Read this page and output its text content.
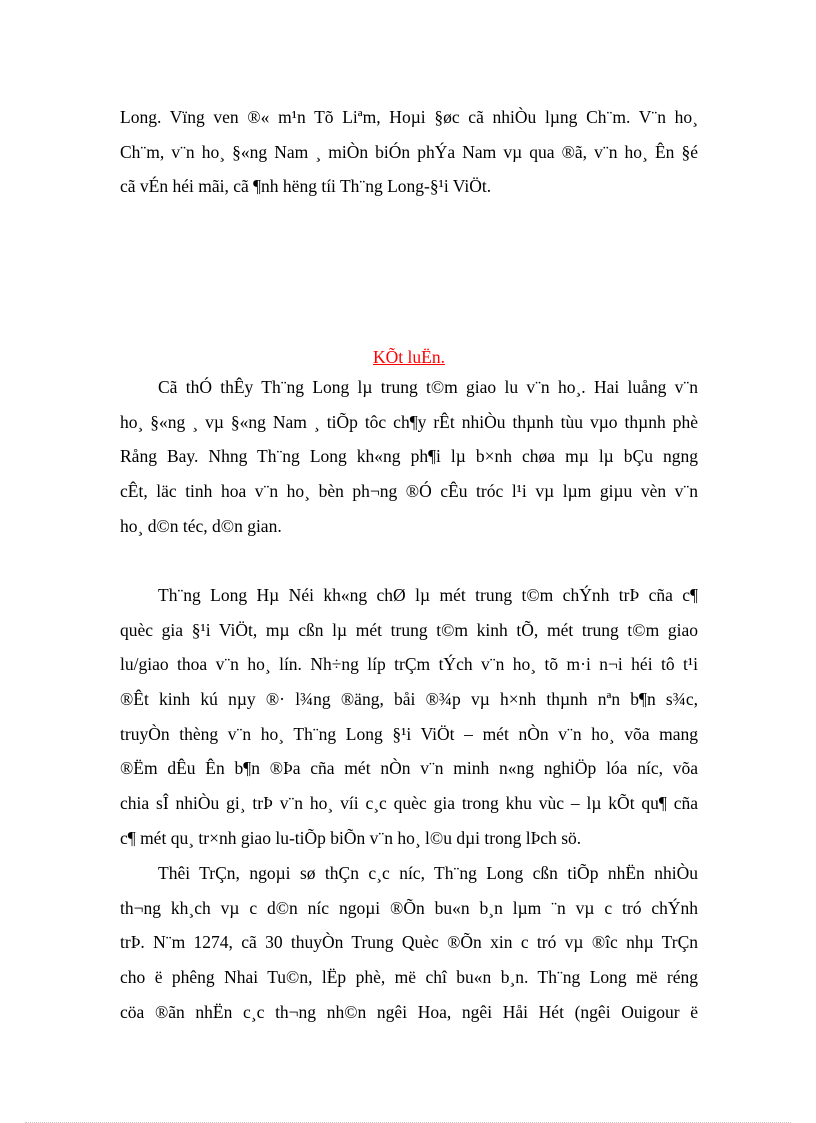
Long. Vïng ven ®« m¹n Tõ Liªm, Hoµi §øc cã nhiÒu lµng Ch¨m. V¨n ho¸
Ch¨m, v¨n ho¸ §«ng Nam ¸ miÒn biÓn phÝa Nam vµ qua ®ã, v¨n ho¸ Ên §é
cã vÉn héi mãi, cã ¶nh hëng tíi Th¨ng Long-§¹i ViÖt.
KÕt luËn.
Cã thÓ thÊy Th¨ng Long lµ trung t©m giao lu v¨n ho¸. Hai luång v¨n
ho¸ §«ng ¸ vµ §«ng Nam ¸ tiÕp tôc ch¶y rÊt nhiÒu thµnh tùu vµo thµnh phè
Rång Bay. Nhng Th¨ng Long kh«ng ph¶i lµ b×nh chøa mµ lµ bÇu ngng
cÊt, läc tinh hoa v¨n ho¸ bèn ph¬ng ®Ó cÊu tróc l¹i vµ lµm giµu vèn v¨n
ho¸ d©n téc, d©n gian.
Th¨ng Long Hµ Néi kh«ng chØ lµ mét trung t©m chÝnh trÞ cña c¶
quèc gia §¹i ViÖt, mµ cßn lµ mét trung t©m kinh tÕ, mét trung t©m giao
lu/giao thoa v¨n ho¸ lín. Nh÷ng líp trÇm tÝch v¨n ho¸ tõ m·i n¬i héi tô t¹i
®Êt kinh kú nµy ®· l¾ng ®äng, båi ®¾p vµ h×nh thµnh nªn b¶n s¾c,
truyÒn thèng v¨n ho¸ Th¨ng Long §¹i ViÖt – mét nÒn v¨n ho¸ võa mang
®Ëm dÊu Ên b¶n ®Þa cña mét nÒn v¨n minh n«ng nghiÖp lóa níc, võa
chia sÎ nhiÒu gi¸ trÞ v¨n ho¸ víi c¸c quèc gia trong khu vùc – lµ kÕt qu¶ cña
c¶ mét qu¸ tr×nh giao lu-tiÕp biÕn v¨n ho¸ l©u dµi trong lÞch sö.
Thêi TrÇn, ngoµi sø thÇn c¸c níc, Th¨ng Long cßn tiÕp nhËn nhiÒu
th¬ng kh¸ch vµ c d©n níc ngoµi ®Õn bu«n b¸n lµm ¨n vµ c tró chÝnh
trÞ. N¨m 1274, cã 30 thuyÒn Trung Quèc ®Õn xin c tró vµ ®îc nhµ TrÇn
cho ë phêng Nhai Tu©n, lËp phè, më chî bu«n b¸n. Th¨ng Long më réng
cöa ®ãn nhËn c¸c th¬ng nh©n ngêi Hoa, ngêi Håi Hét (ngêi Ouigour ë
